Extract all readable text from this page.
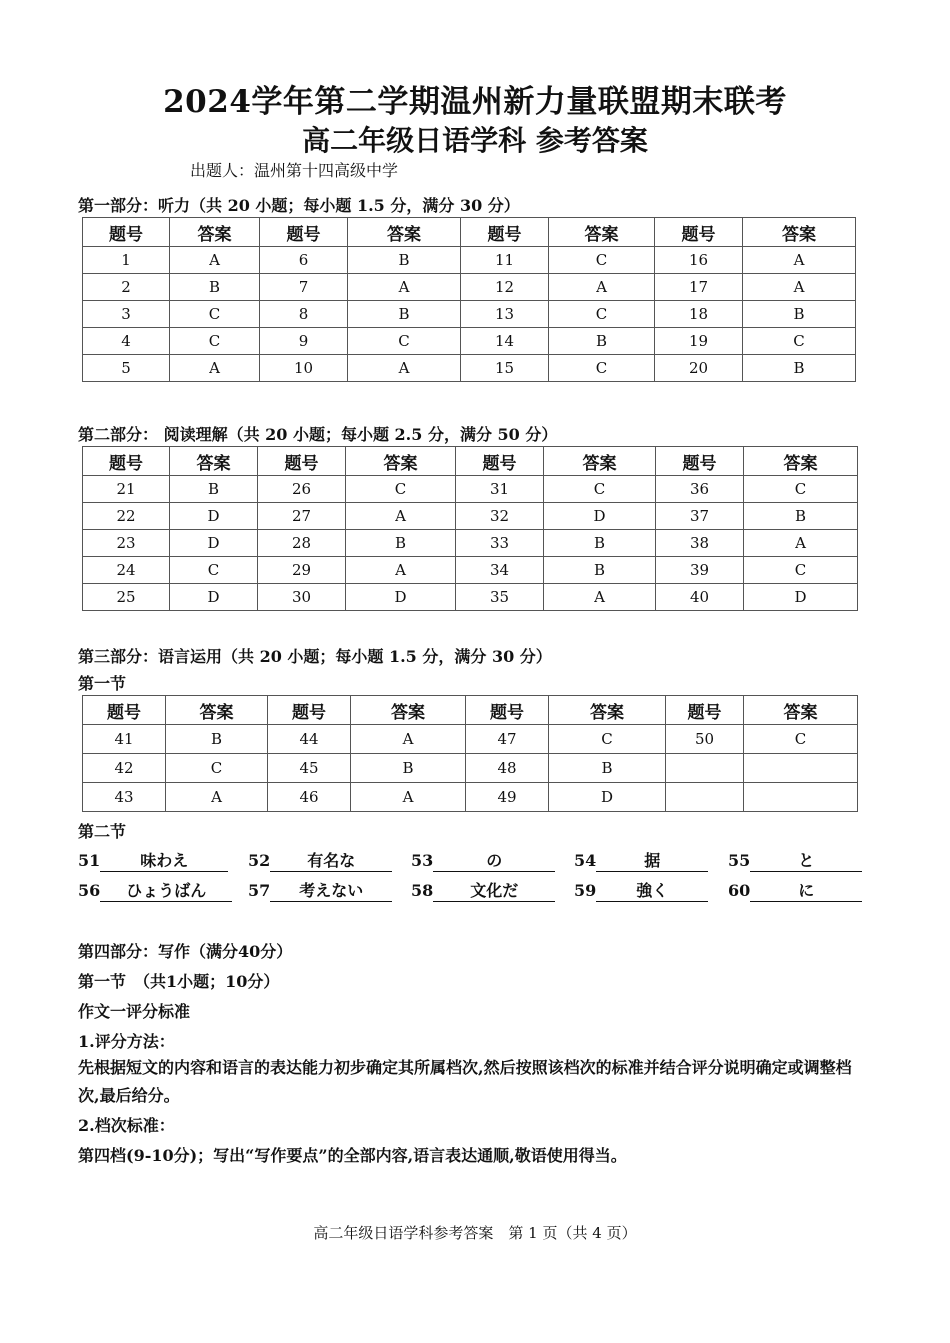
2024学年第二学期温州新力量联盟期末联考
高二年级日语学科 参考答案
出题人：温州第十四高级中学
第一部分：听力（共 20 小题；每小题 1.5 分，满分 30 分）
题号	答案	题号	答案	题号	答案	题号	答案
1	A	6	B	11	C	16	A
2	B	7	A	12	A	17	A
3	C	8	B	13	C	18	B
4	C	9	C	14	B	19	C
5	A	10	A	15	C	20	B
第二部分： 阅读理解（共 20 小题；每小题 2.5 分，满分 50 分）
题号	答案	题号	答案	题号	答案	题号	答案
21	B	26	C	31	C	36	C
22	D	27	A	32	D	37	B
23	D	28	B	33	B	38	A
24	C	29	A	34	B	39	C
25	D	30	D	35	A	40	D
第三部分：语言运用（共 20 小题；每小题 1.5 分，满分 30 分）
第一节
题号	答案	题号	答案	题号	答案	题号	答案
41	B	44	A	47	C	50	C
42	C	45	B	48	B		
43	A	46	A	49	D		
第二节
51 味わえ	52 有名な	53	の	54	据	55	と
56 ひょうばん	57 考えない	58 文化だ	59 強く	60	に
第四部分：写作（满分40分）
第一节　（共1小题；10分）
作文一评分标准
1.评分方法：
先根据短文的内容和语言的表达能力初步确定其所属档次,然后按照该档次的标准并结合评分说明确定或调整档次,最后给分。
2.档次标准：
第四档(9-10分)；写出“写作要点”的全部内容,语言表达通顺,敬语使用得当。
高二年级日语学科参考答案　第 1 页（共 4 页）
